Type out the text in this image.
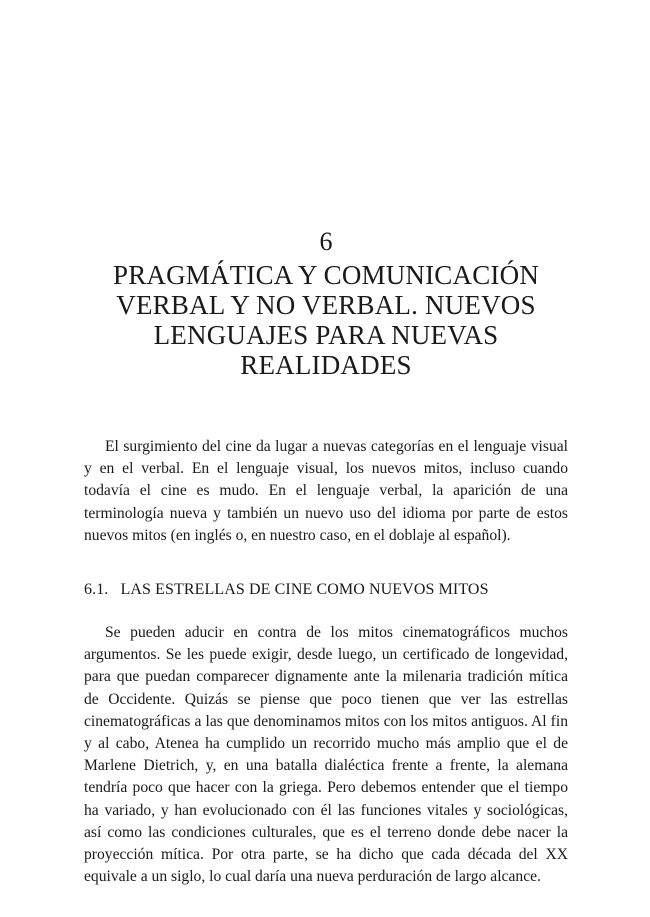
6
PRAGMÁTICA Y COMUNICACIÓN VERBAL Y NO VERBAL. NUEVOS LENGUAJES PARA NUEVAS REALIDADES

El surgimiento del cine da lugar a nuevas categorías en el lenguaje visual y en el verbal. En el lenguaje visual, los nuevos mitos, incluso cuando todavía el cine es mudo. En el lenguaje verbal, la aparición de una terminología nueva y también un nuevo uso del idioma por parte de estos nuevos mitos (en inglés o, en nuestro caso, en el doblaje al español).

6.1. LAS ESTRELLAS DE CINE COMO NUEVOS MITOS

Se pueden aducir en contra de los mitos cinematográficos muchos argumentos. Se les puede exigir, desde luego, un certificado de longevidad, para que puedan comparecer dignamente ante la milenaria tradición mítica de Occidente. Quizás se piense que poco tienen que ver las estrellas cinematográficas a las que denominamos mitos con los mitos antiguos. Al fin y al cabo, Atenea ha cumplido un recorrido mucho más amplio que el de Marlene Dietrich, y, en una batalla dialéctica frente a frente, la alemana tendría poco que hacer con la griega. Pero debemos entender que el tiempo ha variado, y han evolucionado con él las funciones vitales y sociológicas, así como las condiciones culturales, que es el terreno donde debe nacer la proyección mítica. Por otra parte, se ha dicho que cada década del XX equivale a un siglo, lo cual daría una nueva perduración de largo alcance.
